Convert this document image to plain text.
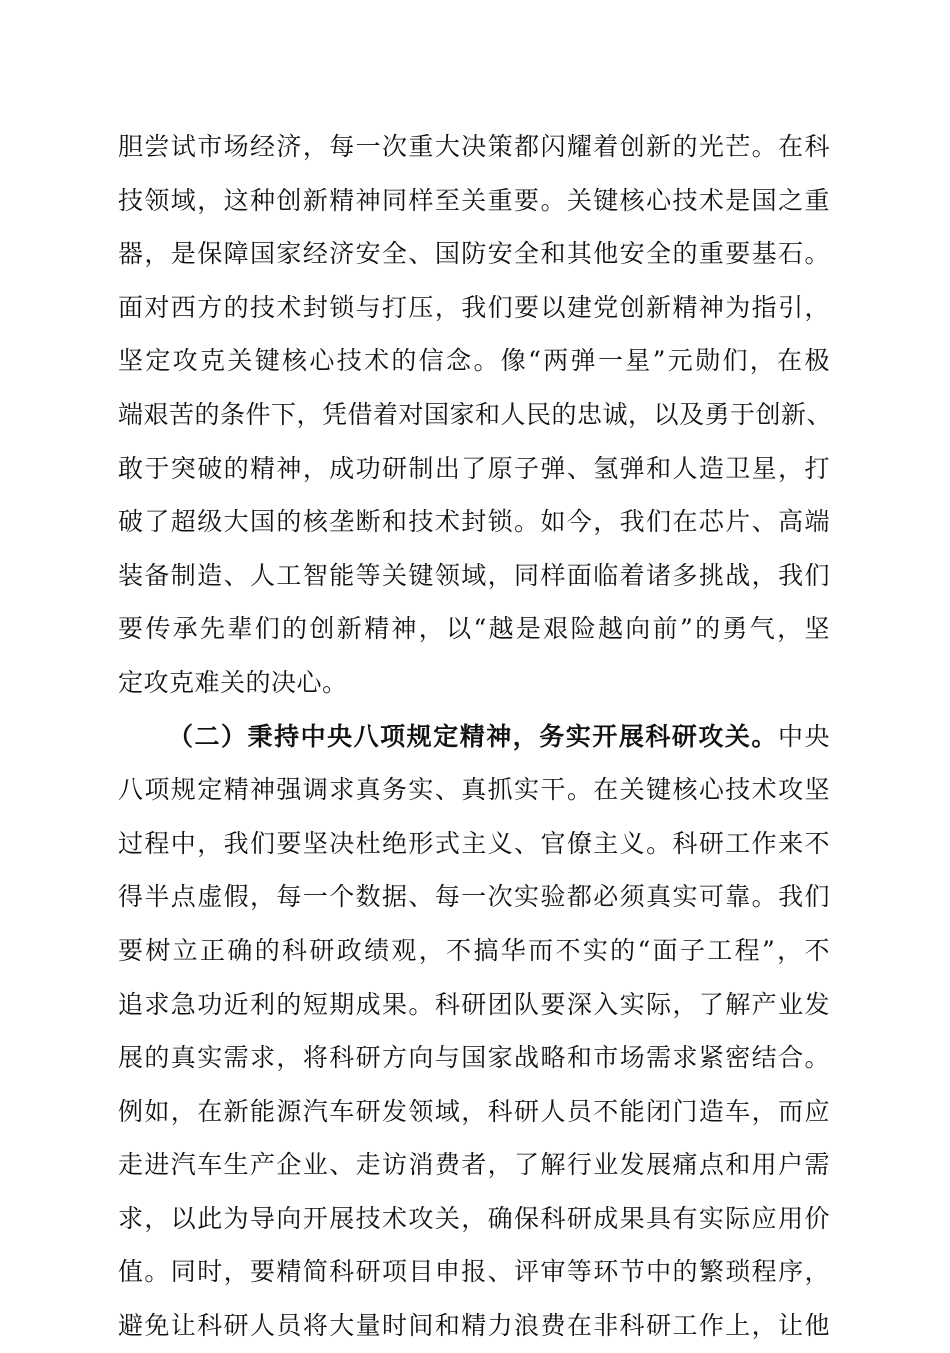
胆尝试市场经济，每一次重大决策都闪耀着创新的光芒。在科
技领域，这种创新精神同样至关重要。关键核心技术是国之重
器，是保障国家经济安全、国防安全和其他安全的重要基石。
面对西方的技术封锁与打压，我们要以建党创新精神为指引，
坚定攻克关键核心技术的信念。像“两弹一星”元勋们，在极
端艰苦的条件下，凭借着对国家和人民的忠诚，以及勇于创新、
敢于突破的精神，成功研制出了原子弹、氢弹和人造卫星，打
破了超级大国的核垄断和技术封锁。如今，我们在芯片、高端
装备制造、人工智能等关键领域，同样面临着诸多挑战，我们
要传承先辈们的创新精神，以“越是艰险越向前”的勇气，坚
定攻克难关的决心。
（二）秉持中央八项规定精神，务实开展科研攻关。中央
八项规定精神强调求真务实、真抓实干。在关键核心技术攻坚
过程中，我们要坚决杜绝形式主义、官僚主义。科研工作来不
得半点虚假，每一个数据、每一次实验都必须真实可靠。我们
要树立正确的科研政绩观，不搞华而不实的“面子工程”，不
追求急功近利的短期成果。科研团队要深入实际，了解产业发
展的真实需求，将科研方向与国家战略和市场需求紧密结合。
例如，在新能源汽车研发领域，科研人员不能闭门造车，而应
走进汽车生产企业、走访消费者，了解行业发展痛点和用户需
求，以此为导向开展技术攻关，确保科研成果具有实际应用价
值。同时，要精简科研项目申报、评审等环节中的繁琐程序，
避免让科研人员将大量时间和精力浪费在非科研工作上，让他
